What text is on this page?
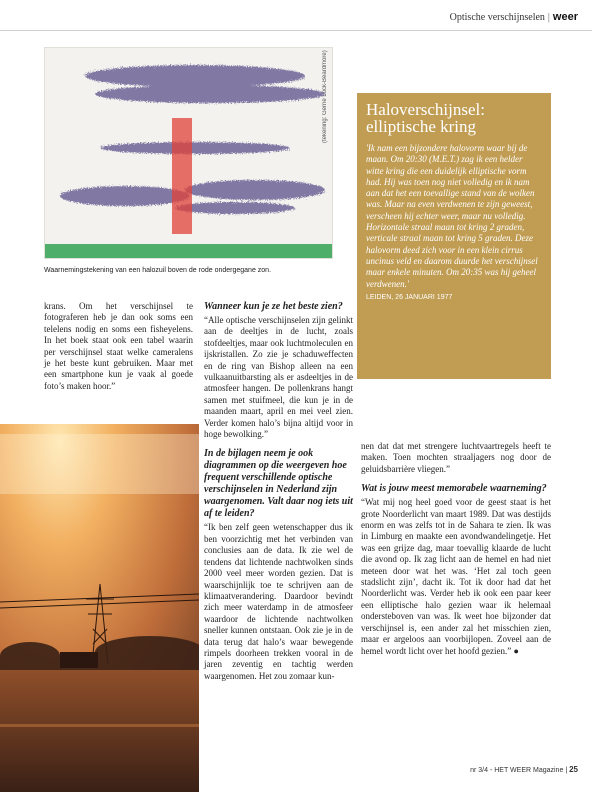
Optische verschijnselen | weer
(tekening: Gerrie Lock-Beardmore)
Waarnemingstekening van een halozuil boven de rode ondergegane zon.
Haloverschijnsel: elliptische kring

'Ik nam een bijzondere halovorm waar bij de maan. Om 20:30 (M.E.T.) zag ik een helder witte kring die een duidelijk elliptische vorm had. Hij was toen nog niet volledig en ik nam aan dat het een toevallige stand van de wolken was. Maar na even verdwenen te zijn geweest, verscheen hij echter weer, maar nu volledig. Horizontale straal maan tot kring 2 graden, verticale straal maan tot kring 5 graden. Deze halovorm deed zich voor in een klein cirrus uncinus veld en daarom duurde het verschijnsel maar enkele minuten. Om 20:35 was hij geheel verdwenen.'

LEIDEN, 26 JANUARI 1977

krans. Om het verschijnsel te fotograferen heb je dan ook soms een telelens nodig en soms een fisheyelens. In het boek staat ook een tabel waarin per verschijnsel staat welke cameralens je het beste kunt gebruiken. Maar met een smartphone kun je vaak al goede foto’s maken hoor.”

Wanneer kun je ze het beste zien?

“Alle optische verschijnselen zijn gelinkt aan de deeltjes in de lucht, zoals stofdeeltjes, maar ook luchtmoleculen en ijskristallen. Zo zie je schaduweffecten en de ring van Bishop alleen na een vulkaanuitbarsting als er asdeeltjes in de atmosfeer hangen. De pollenkrans hangt samen met stuifmeel, die kun je in de maanden maart, april en mei veel zien. Verder komen halo’s bijna altijd voor in hoge bewolking.”

In de bijlagen neem je ook diagrammen op die weergeven hoe frequent verschillende optische verschijnselen in Nederland zijn waargenomen. Valt daar nog iets uit af te leiden?

“Ik ben zelf geen wetenschapper dus ik ben voorzichtig met het verbinden van conclusies aan de data. Ik zie wel de tendens dat lichtende nachtwolken sinds 2000 veel meer worden gezien. Dat is waarschijnlijk toe te schrijven aan de klimaatverandering. Daardoor bevindt zich meer waterdamp in de atmosfeer waardoor de lichtende nachtwolken sneller kunnen ontstaan. Ook zie je in de data terug dat halo’s waar bewegende rimpels doorheen trekken vooral in de jaren zeventig en tachtig werden waargenomen. Het zou zomaar kun-

nen dat dat met strengere luchtvaartregels heeft te maken. Toen mochten straaljagers nog door de geluidsbarrière vliegen.”

Wat is jouw meest memorabele waarneming?

“Wat mij nog heel goed voor de geest staat is het grote Noorderlicht van maart 1989. Dat was destijds enorm en was zelfs tot in de Sahara te zien. Ik was in Limburg en maakte een avondwandelingetje. Het was een grijze dag, maar toevallig klaarde de lucht die avond op. Ik zag licht aan de hemel en had niet meteen door wat het was. ‘Het zal toch geen stadslicht zijn’, dacht ik. Tot ik door had dat het Noorderlicht was. Verder heb ik ook een paar keer een elliptische halo gezien waar ik helemaal ondersteboven van was. Ik weet hoe bijzonder dat verschijnsel is, een ander zal het misschien zien, maar er argeloos aan voorbijlopen. Zoveel aan de hemel wordt licht over het hoofd gezien.” ●

nr 3/4 - HET WEER Magazine | 25
